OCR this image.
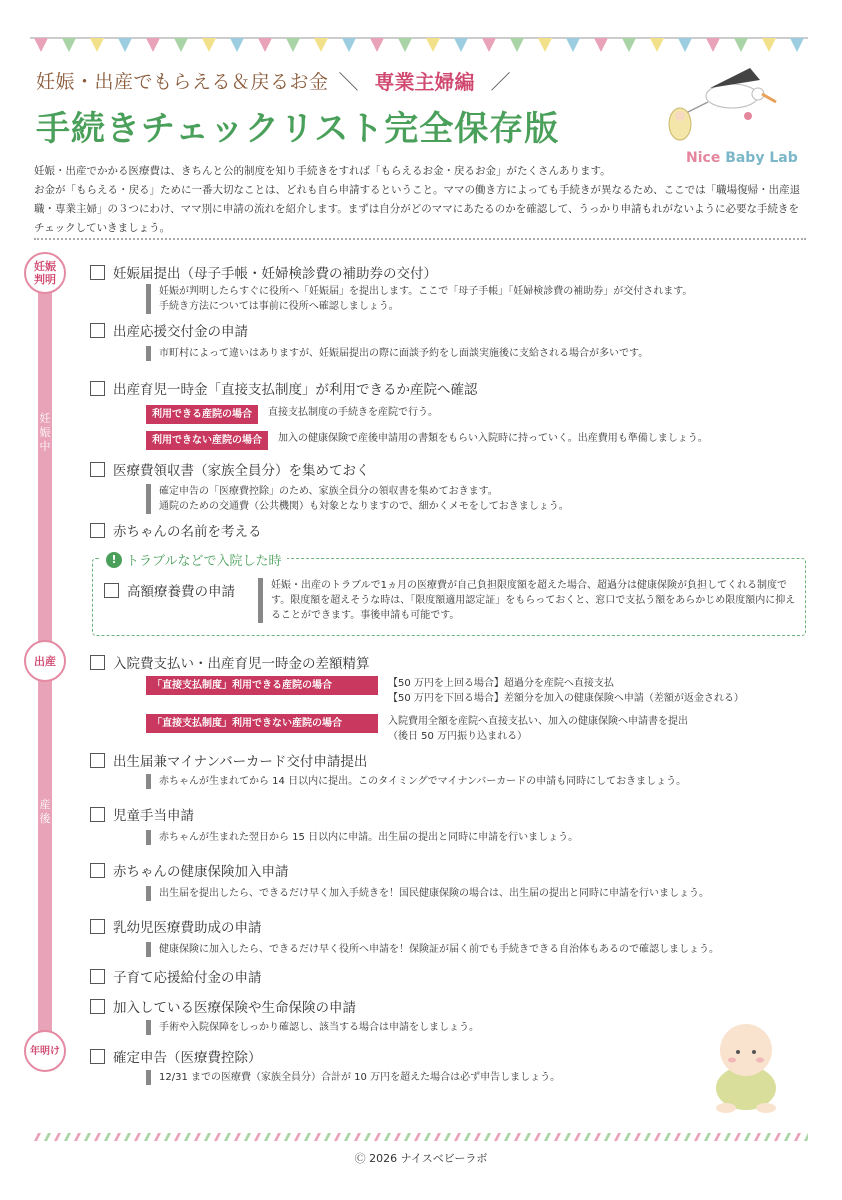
妊娠・出産でもらえる＆戻るお金 ＼ 専業主婦編 ／
手続きチェックリスト完全保存版
Nice Baby Lab
妊娠・出産でかかる医療費は、きちんと公的制度を知り手続きをすれば「もらえるお金・戻るお金」がたくさんあります。
お金が「もらえる・戻る」ために一番大切なことは、どれも自ら申請するということ。ママの働き方によっても手続きが異なるため、ここでは「職場復帰・出産退職・専業主婦」の３つにわけ、ママ別に申請の流れを紹介します。まずは自分がどのママにあたるのかを確認して、うっかり申請もれがないように必要な手続きをチェックしていきましょう。
妊娠判明
妊娠中
出産
産後
年明け
妊娠届提出（母子手帳・妊婦検診費の補助券の交付）
妊娠が判明したらすぐに役所へ「妊娠届」を提出します。ここで「母子手帳」「妊婦検診費の補助券」が交付されます。
手続き方法については事前に役所へ確認しましょう。
出産応援交付金の申請
市町村によって違いはありますが、妊娠届提出の際に面談予約をし面談実施後に支給される場合が多いです。
出産育児一時金「直接支払制度」が利用できるか産院へ確認
利用できる産院の場合	直接支払制度の手続きを産院で行う。
利用できない産院の場合	加入の健康保険で産後申請用の書類をもらい入院時に持っていく。出産費用も準備しましょう。
医療費領収書（家族全員分）を集めておく
確定申告の「医療費控除」のため、家族全員分の領収書を集めておきます。
通院のための交通費（公共機関）も対象となりますので、細かくメモをしておきましょう。
赤ちゃんの名前を考える
! トラブルなどで入院した時
高額療養費の申請	妊娠・出産のトラブルで1ヵ月の医療費が自己負担限度額を超えた場合、超過分は健康保険が負担してくれる制度です。限度額を超えそうな時は、「限度額適用認定証」をもらっておくと、窓口で支払う額をあらかじめ限度額内に抑えることができます。事後申請も可能です。
入院費支払い・出産育児一時金の差額精算
「直接支払制度」利用できる産院の場合	【50 万円を上回る場合】超過分を産院へ直接支払
【50 万円を下回る場合】差額分を加入の健康保険へ申請（差額が返金される）
「直接支払制度」利用できない産院の場合	入院費用全額を産院へ直接支払い、加入の健康保険へ申請書を提出
（後日 50 万円振り込まれる）
出生届兼マイナンバーカード交付申請提出
赤ちゃんが生まれてから 14 日以内に提出。このタイミングでマイナンバーカードの申請も同時にしておきましょう。
児童手当申請
赤ちゃんが生まれた翌日から 15 日以内に申請。出生届の提出と同時に申請を行いましょう。
赤ちゃんの健康保険加入申請
出生届を提出したら、できるだけ早く加入手続きを！国民健康保険の場合は、出生届の提出と同時に申請を行いましょう。
乳幼児医療費助成の申請
健康保険に加入したら、できるだけ早く役所へ申請を！保険証が届く前でも手続きできる自治体もあるので確認しましょう。
子育て応援給付金の申請
加入している医療保険や生命保険の申請
手術や入院保障をしっかり確認し、該当する場合は申請をしましょう。
確定申告（医療費控除）
12/31 までの医療費（家族全員分）合計が 10 万円を超えた場合は必ず申告しましょう。
Ⓒ 2026 ナイスベビーラボ
